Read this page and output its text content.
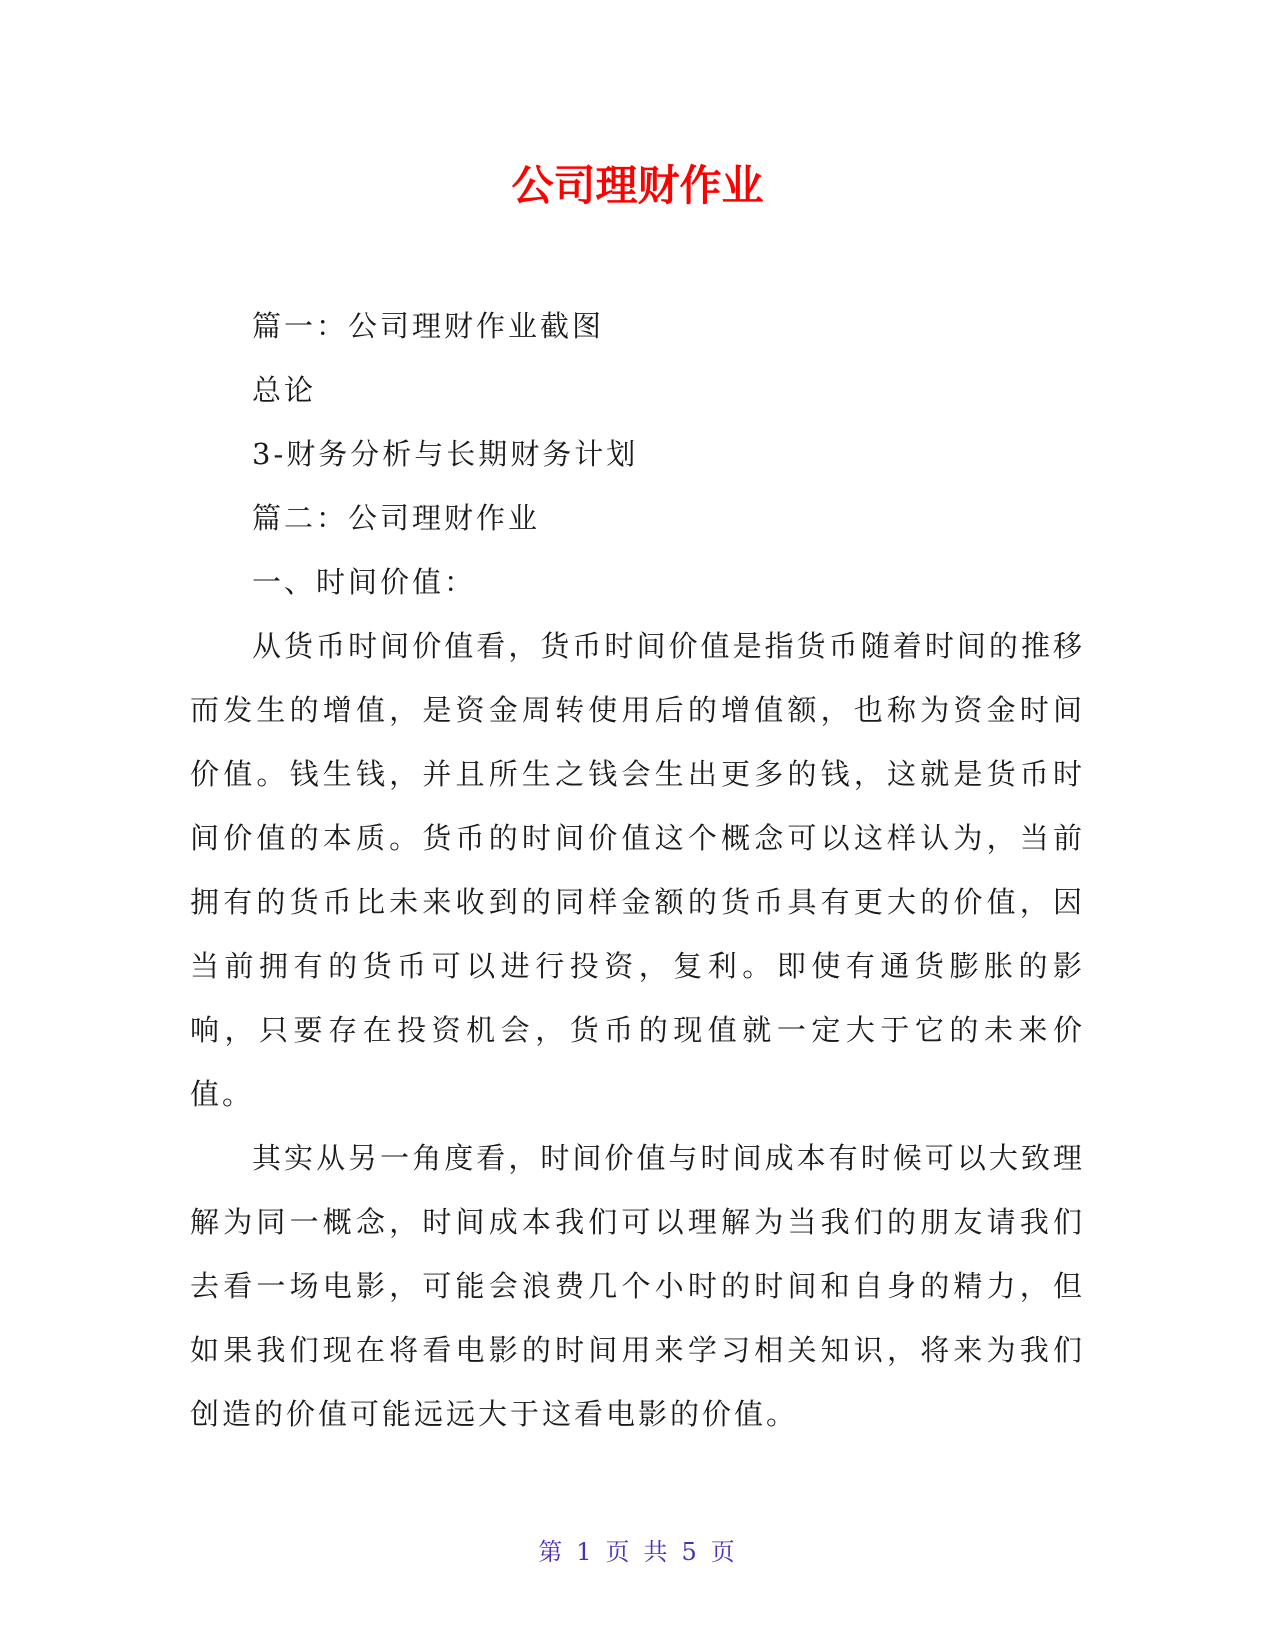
公司理财作业

篇一：公司理财作业截图

总论

3-财务分析与长期财务计划

篇二：公司理财作业

一、时间价值：

从货币时间价值看，货币时间价值是指货币随着时间的推移而发生的增值，是资金周转使用后的增值额，也称为资金时间价值。钱生钱，并且所生之钱会生出更多的钱，这就是货币时间价值的本质。货币的时间价值这个概念可以这样认为，当前拥有的货币比未来收到的同样金额的货币具有更大的价值，因当前拥有的货币可以进行投资，复利。即使有通货膨胀的影响，只要存在投资机会，货币的现值就一定大于它的未来价值。

其实从另一角度看，时间价值与时间成本有时候可以大致理解为同一概念，时间成本我们可以理解为当我们的朋友请我们去看一场电影，可能会浪费几个小时的时间和自身的精力，但如果我们现在将看电影的时间用来学习相关知识，将来为我们创造的价值可能远远大于这看电影的价值。

第 1 页 共 5 页
